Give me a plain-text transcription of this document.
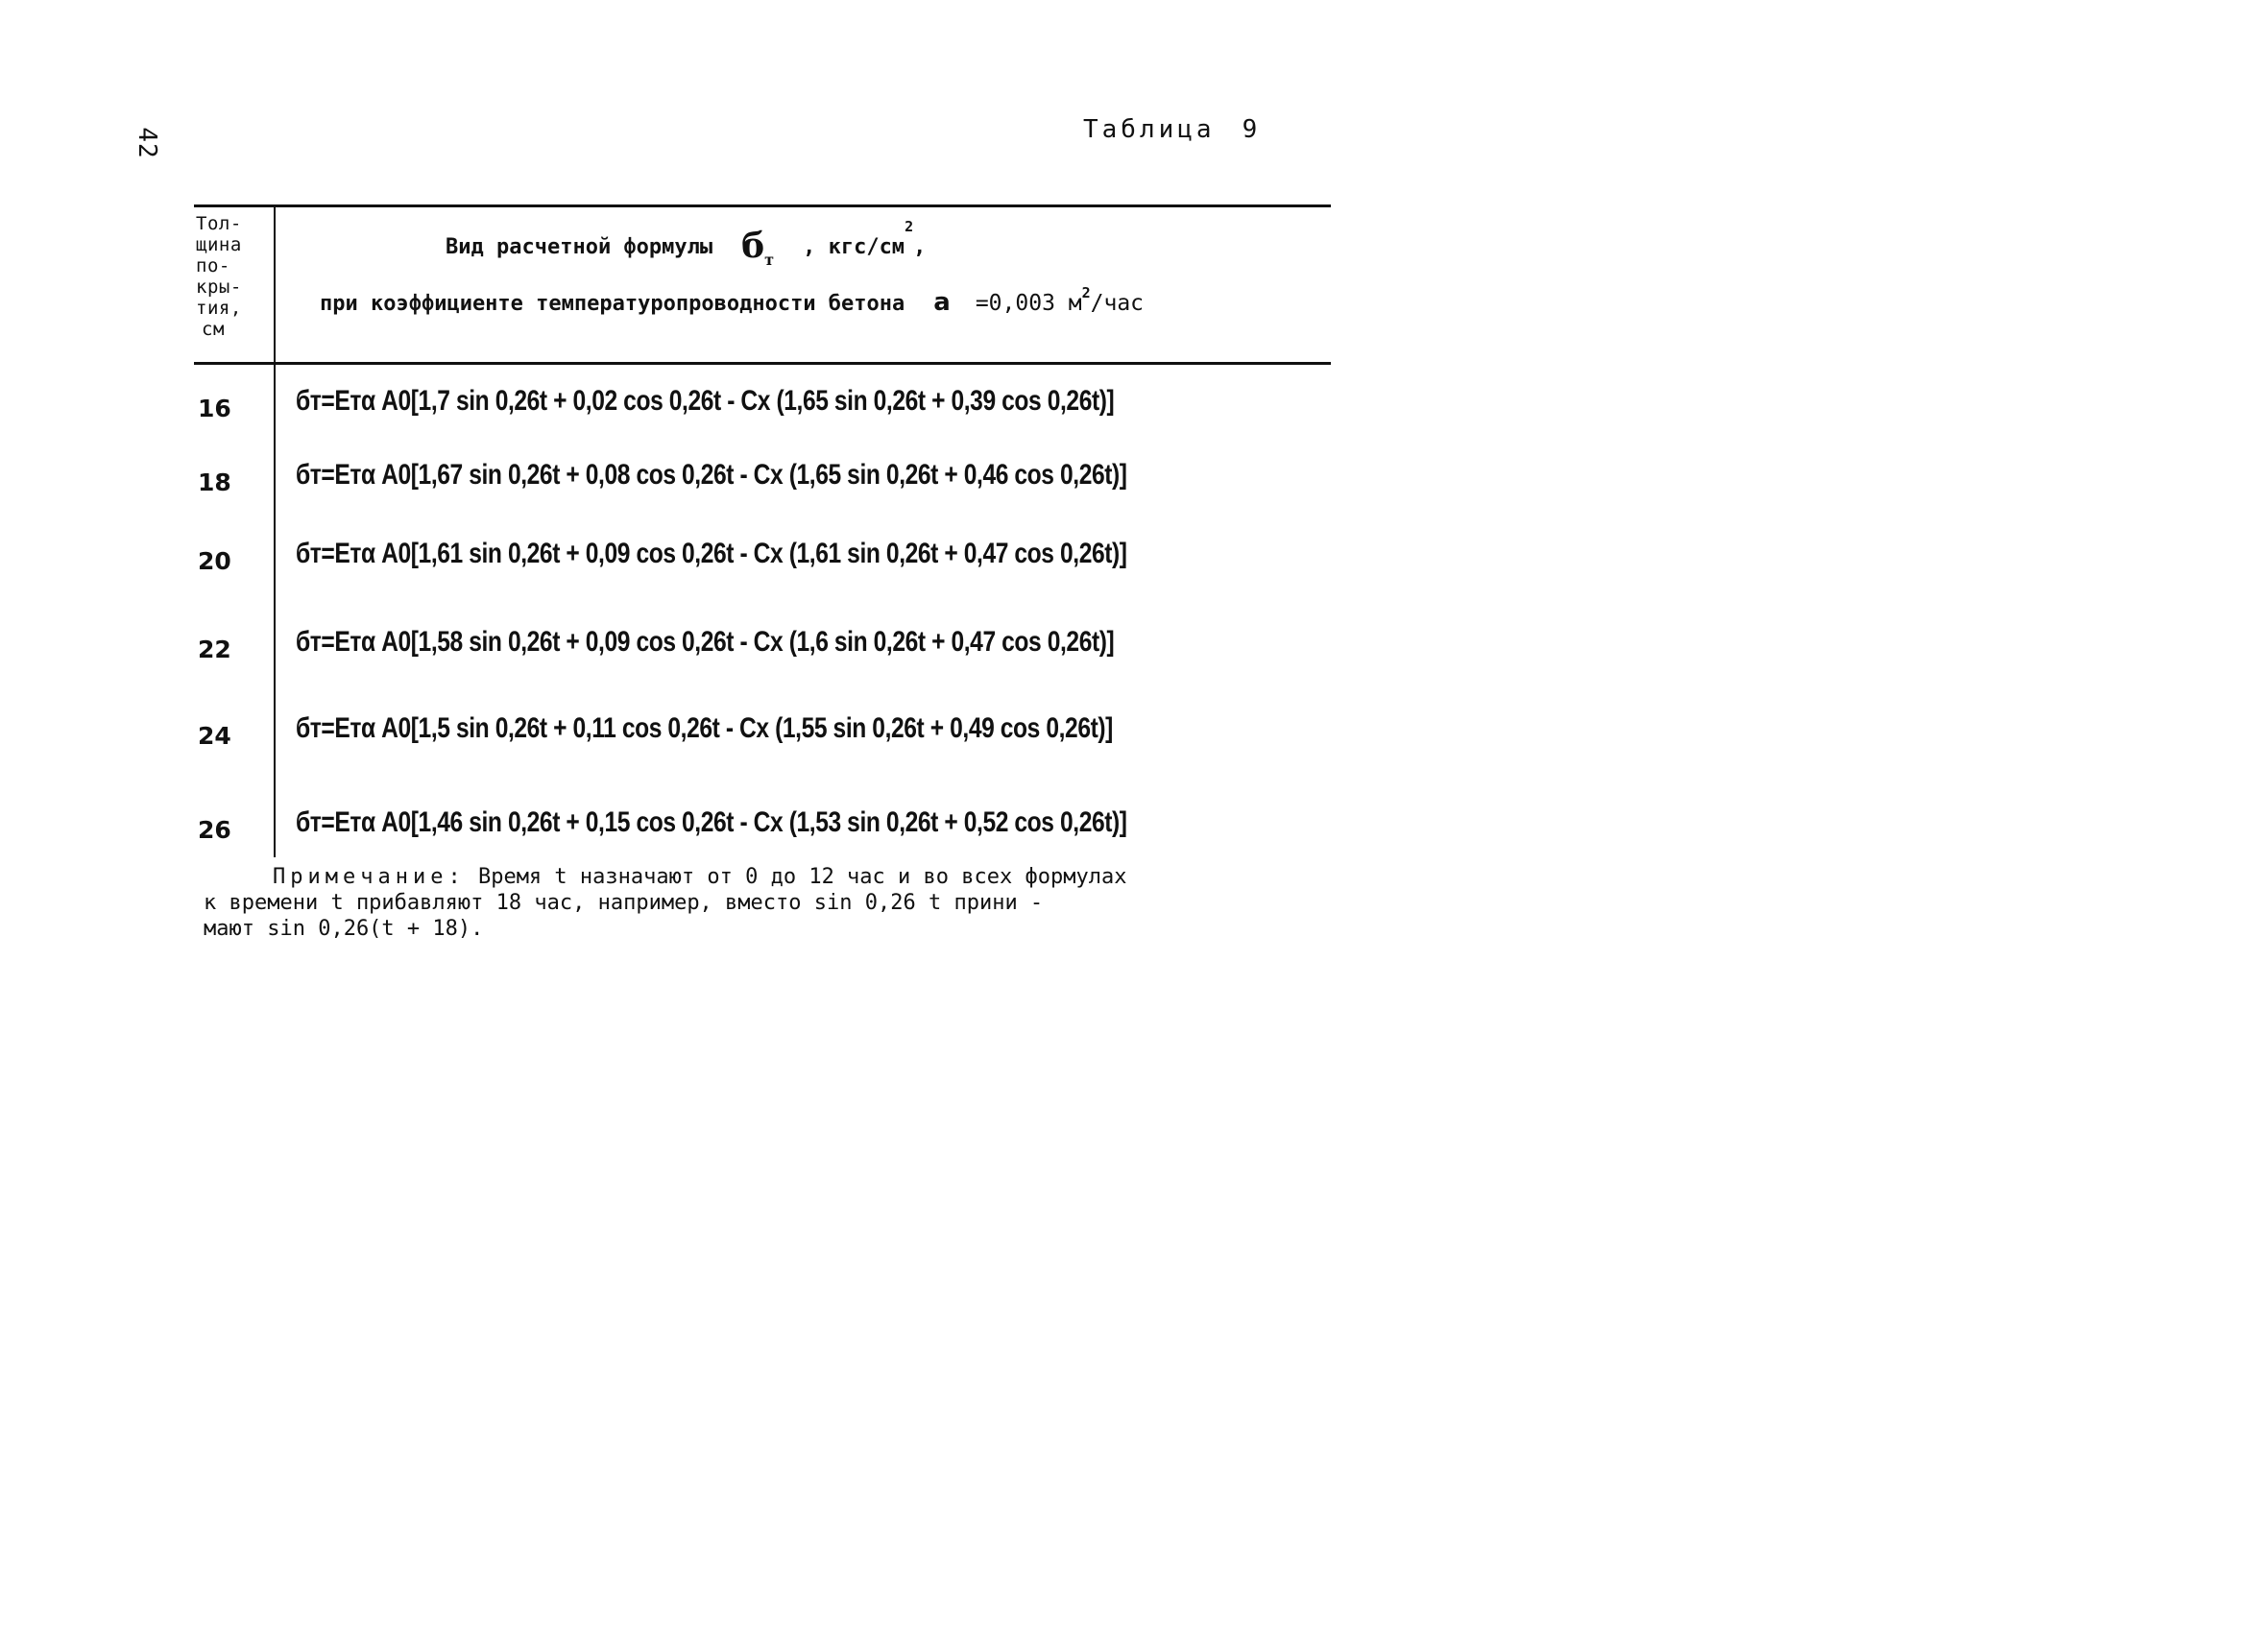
42	Таблица 9
Тол-
щина
по-
кры-
тия,
см
Вид расчетной формулы $б_т$, кгс/$см^2$,
при коэффициенте температуропроводности бетона a =0,003 $м^2$/час
16 бт=Етα A0[1,7 sin 0,26t + 0,02 cos 0,26t - Cx (1,65 sin 0,26t + 0,39 cos 0,26t)]
18 бт=Етα A0[1,67 sin 0,26t + 0,08 cos 0,26t - Cx (1,65 sin 0,26t + 0,46 cos 0,26t)]
20 бт=Етα A0[1,61 sin 0,26t + 0,09 cos 0,26t - Cx (1,61 sin 0,26t + 0,47 cos 0,26t)]
22 бт=Етα A0[1,58 sin 0,26t + 0,09 cos 0,26t - Cx (1,6 sin 0,26t + 0,47 cos 0,26t)]
24 бт=Етα A0[1,5 sin 0,26t + 0,11 cos 0,26t - Cx (1,55 sin 0,26t + 0,49 cos 0,26t)]
26 бт=Етα A0[1,46 sin 0,26t + 0,15 cos 0,26t - Cx (1,53 sin 0,26t + 0,52 cos 0,26t)]
Примечание: Время t назначают от 0 до 12 час и во всех формулах
к времени t прибавляют 18 час, например, вместо sin 0,26 t прини -
мают sin 0,26(t + 18).
